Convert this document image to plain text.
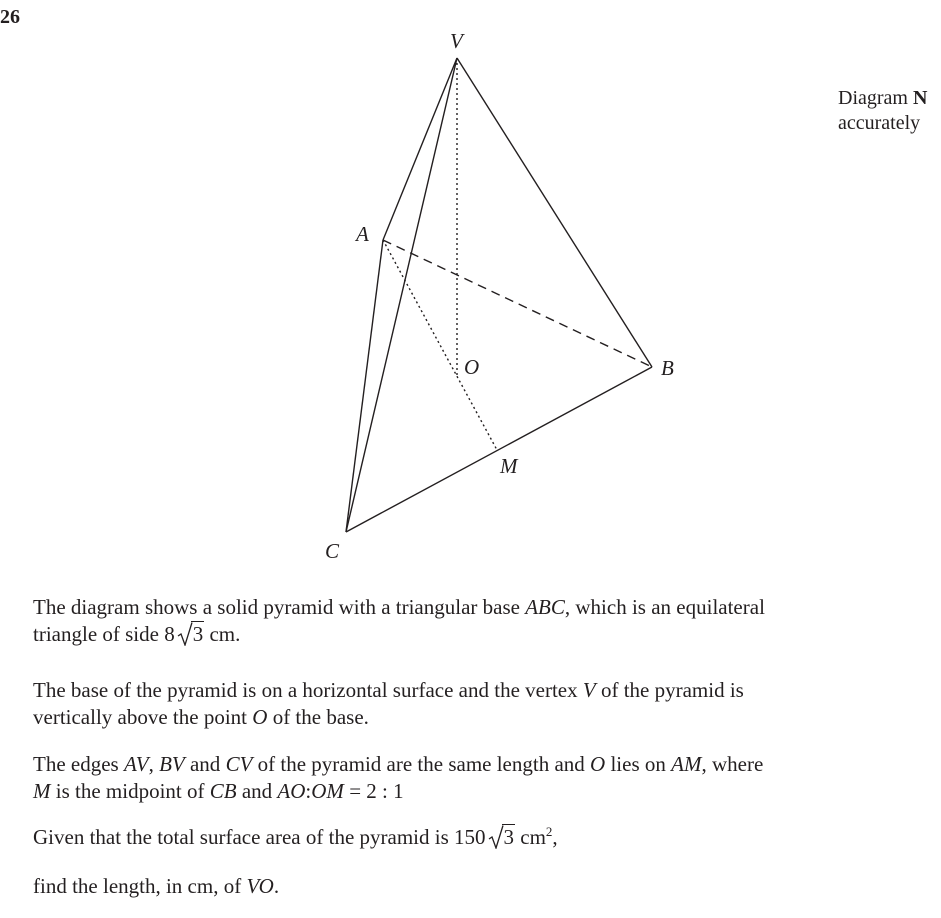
26
Diagram N
accurately
V
A
O	B
M
C
The diagram shows a solid pyramid with a triangular base ABC, which is an equilateral
triangle of side 8 3 cm.
The base of the pyramid is on a horizontal surface and the vertex V of the pyramid is
vertically above the point O of the base.
The edges AV, BV and CV of the pyramid are the same length and O lies on AM, where
M is the midpoint of CB and AO:OM = 2 : 1
Given that the total surface area of the pyramid is 150 3 $cm^2$,
find the length, in cm, of VO.
